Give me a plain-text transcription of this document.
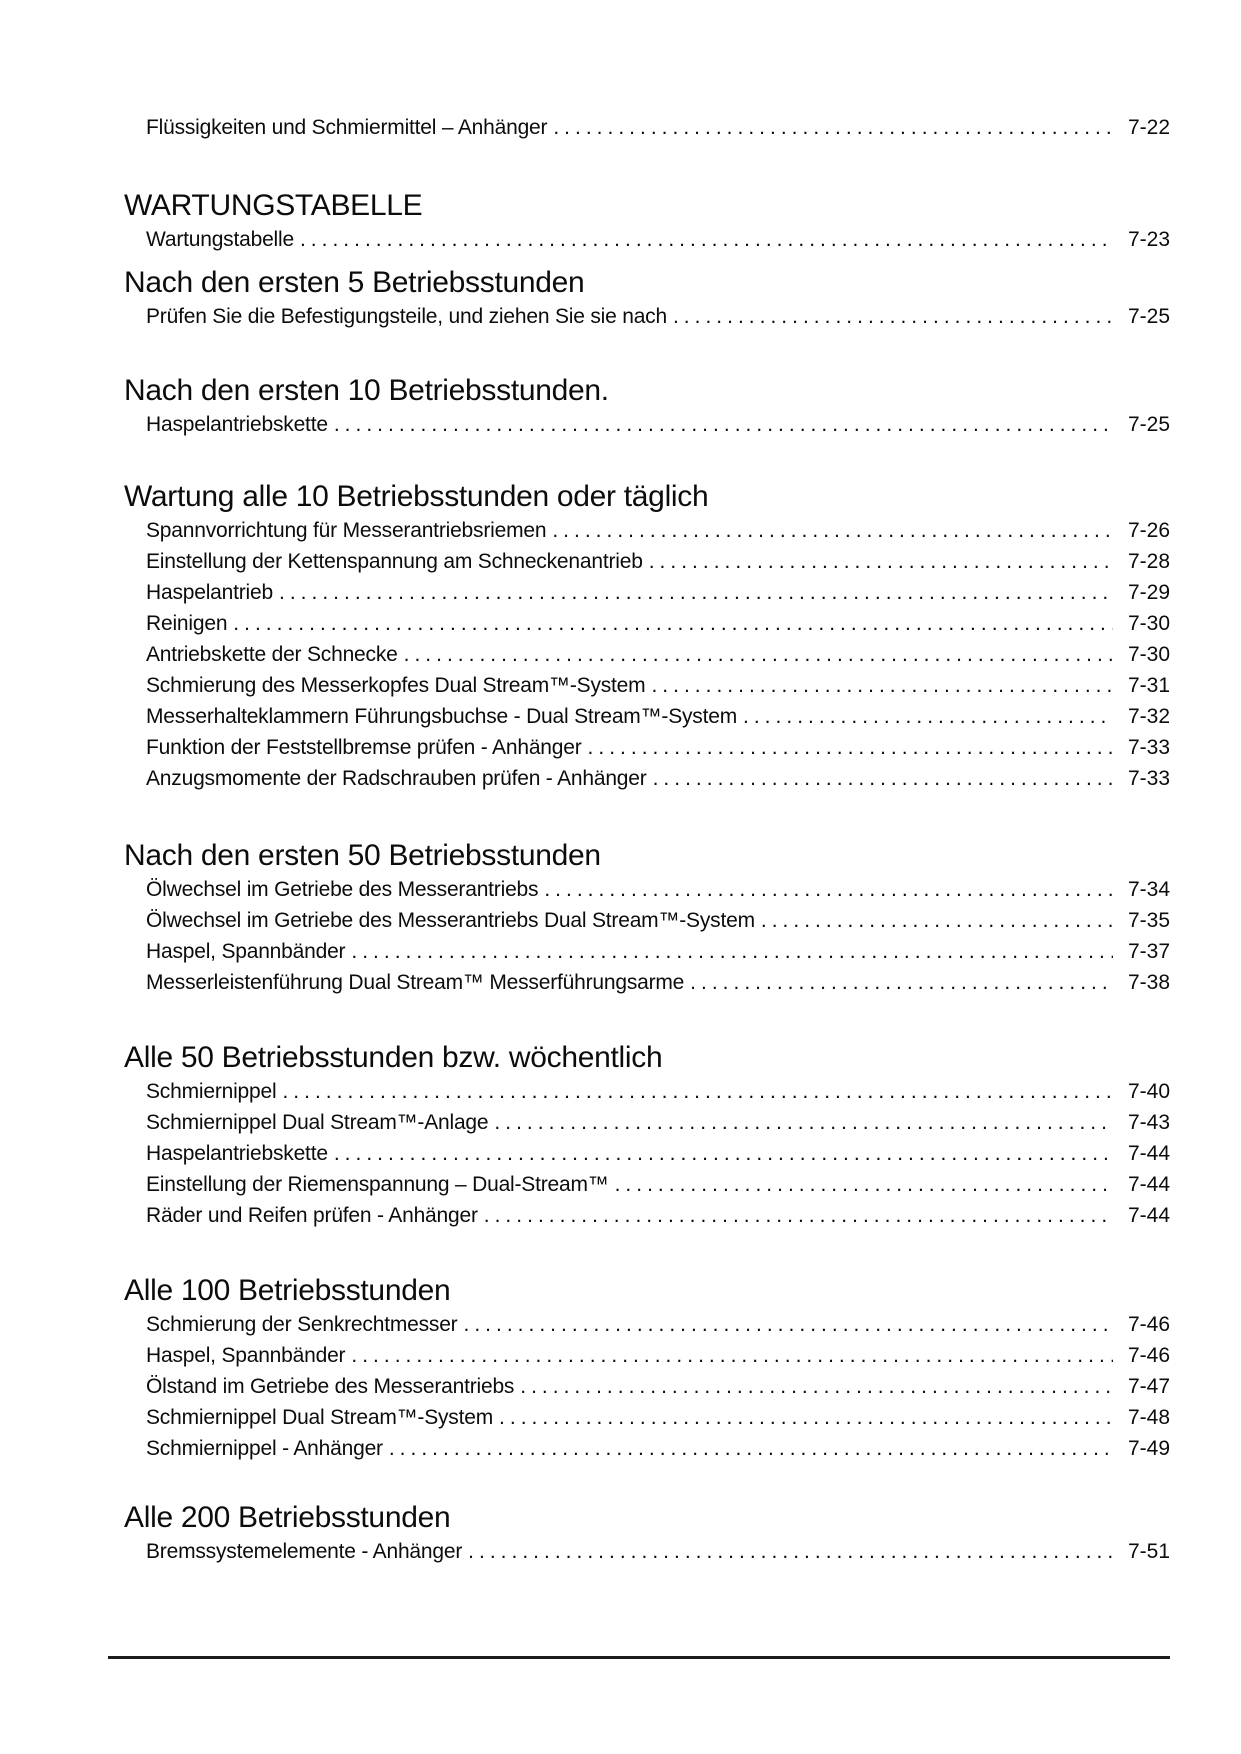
Flüssigkeiten und Schmiermittel – Anhänger .....	7-22
WARTUNGSTABELLE
Wartungstabelle .....	7-23
Nach den ersten 5 Betriebsstunden
Prüfen Sie die Befestigungsteile, und ziehen Sie sie nach .....	7-25
Nach den ersten 10 Betriebsstunden.
Haspelantriebskette .....	7-25
Wartung alle 10 Betriebsstunden oder täglich
Spannvorrichtung für Messerantriebsriemen .....	7-26
Einstellung der Kettenspannung am Schneckenantrieb .....	7-28
Haspelantrieb .....	7-29
Reinigen .....	7-30
Antriebskette der Schnecke .....	7-30
Schmierung des Messerkopfes Dual Stream™-System .....	7-31
Messerhalteklammern Führungsbuchse - Dual Stream™-System .....	7-32
Funktion der Feststellbremse prüfen - Anhänger .....	7-33
Anzugsmomente der Radschrauben prüfen - Anhänger .....	7-33
Nach den ersten 50 Betriebsstunden
Ölwechsel im Getriebe des Messerantriebs .....	7-34
Ölwechsel im Getriebe des Messerantriebs Dual Stream™-System .....	7-35
Haspel, Spannbänder .....	7-37
Messerleistenführung Dual Stream™ Messerführungsarme .....	7-38
Alle 50 Betriebsstunden bzw. wöchentlich
Schmiernippel .....	7-40
Schmiernippel Dual Stream™-Anlage .....	7-43
Haspelantriebskette .....	7-44
Einstellung der Riemenspannung – Dual-Stream™ .....	7-44
Räder und Reifen prüfen - Anhänger .....	7-44
Alle 100 Betriebsstunden
Schmierung der Senkrechtmesser .....	7-46
Haspel, Spannbänder .....	7-46
Ölstand im Getriebe des Messerantriebs .....	7-47
Schmiernippel Dual Stream™-System .....	7-48
Schmiernippel - Anhänger .....	7-49
Alle 200 Betriebsstunden
Bremssystemelemente - Anhänger .....	7-51
